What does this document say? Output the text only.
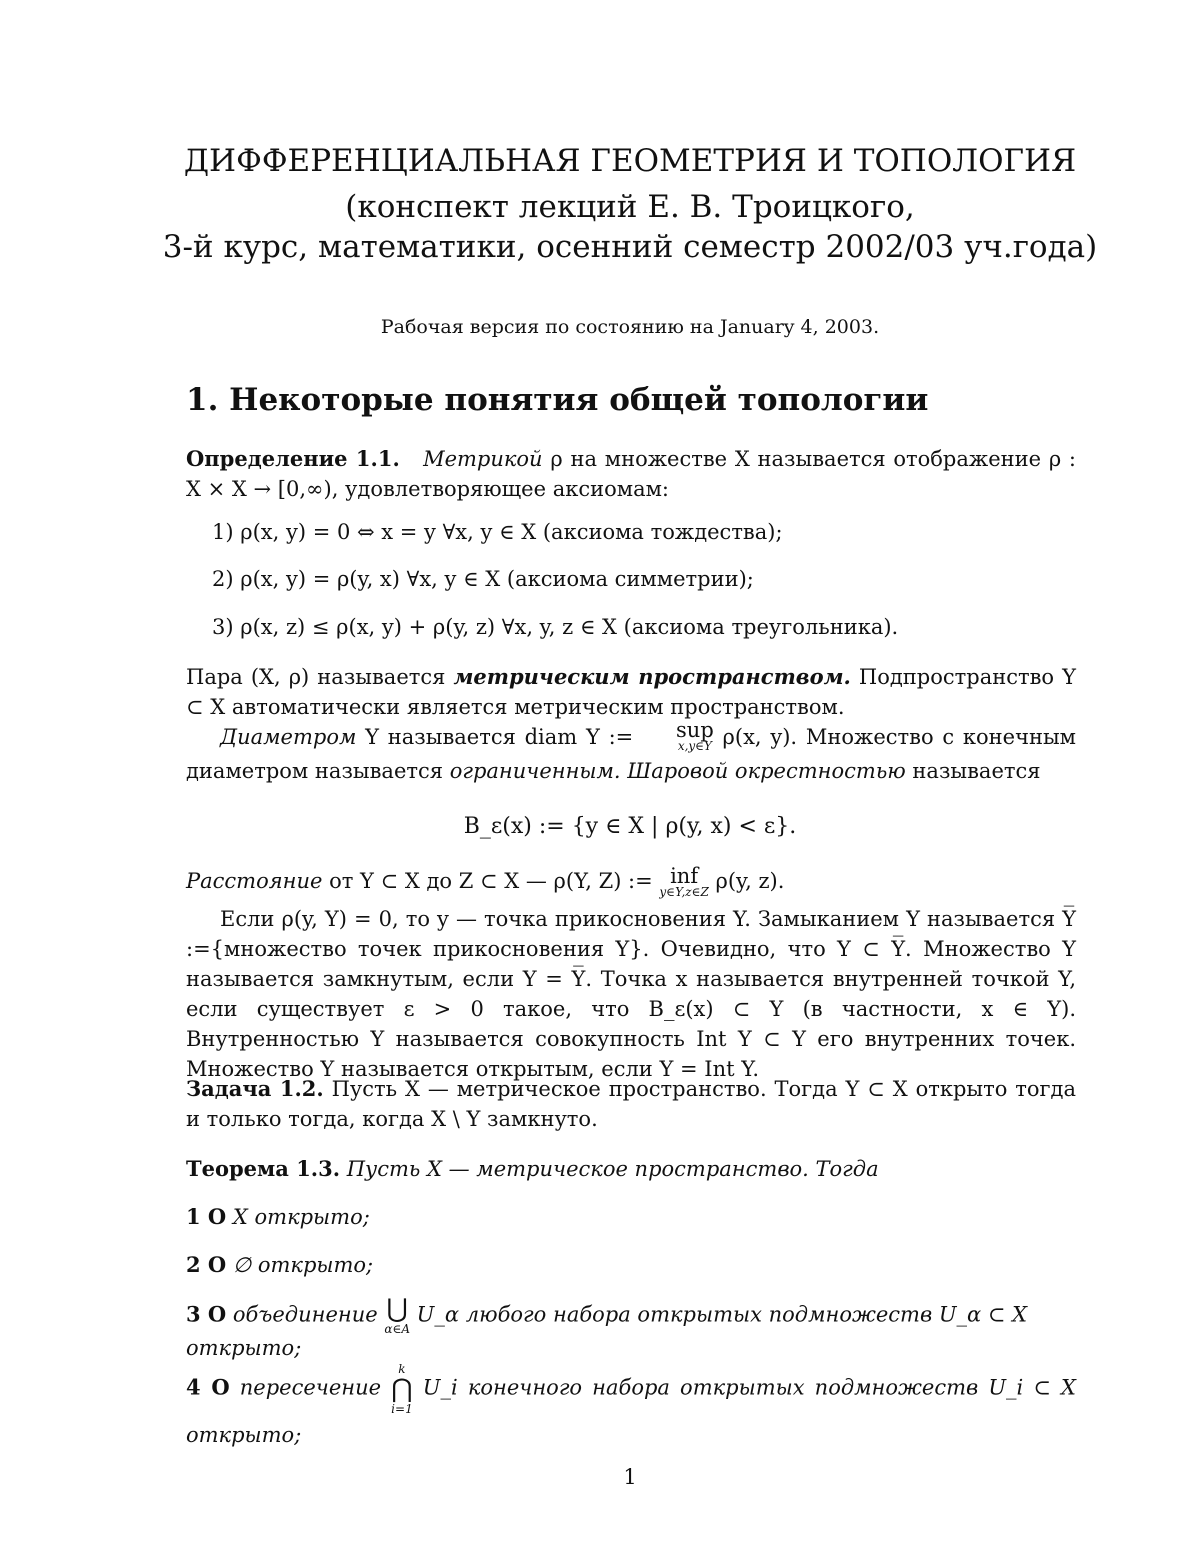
ДИФФЕРЕНЦИАЛЬНАЯ ГЕОМЕТРИЯ И ТОПОЛОГИЯ
(конспект лекций Е. В. Троицкого,
3-й курс, математики, осенний семестр 2002/03 уч.года)
Рабочая версия по состоянию на January 4, 2003.
1. Некоторые понятия общей топологии
Определение 1.1. Метрикой ρ на множестве X называется отображение ρ : X × X → [0,∞), удовлетворяющее аксиомам:
1) ρ(x, y) = 0 ⇔ x = y ∀x, y ∈ X (аксиома тождества);
2) ρ(x, y) = ρ(y, x) ∀x, y ∈ X (аксиома симметрии);
3) ρ(x, z) ≤ ρ(x, y) + ρ(y, z) ∀x, y, z ∈ X (аксиома треугольника).
Пара (X, ρ) называется метрическим пространством. Подпространство Y ⊂ X автоматически является метрическим пространством.
Диаметром Y называется diam Y := sup
x,y∈Y ρ(x, y). Множество с конечным диаметром называется ограниченным. Шаровой окрестностью называется
B_ε(x) := {y ∈ X | ρ(y, x) < ε}.
Расстояние от Y ⊂ X до Z ⊂ X — ρ(Y, Z) := inf
y∈Y,z∈Z ρ(y, z).
Если ρ(y, Y) = 0, то y — точка прикосновения Y. Замыканием Y называется Y̅ :={множество точек прикосновения Y}. Очевидно, что Y ⊂ Y̅. Множество Y называется замкнутым, если Y = Y̅. Точка x называется внутренней точкой Y, если существует ε > 0 такое, что B_ε(x) ⊂ Y (в частности, x ∈ Y). Внутренностью Y называется совокупность Int Y ⊂ Y его внутренних точек. Множество Y называется открытым, если Y = Int Y.
Задача 1.2. Пусть X — метрическое пространство. Тогда Y ⊂ X открыто тогда и только тогда, когда X \ Y замкнуто.
Теорема 1.3. Пусть X — метрическое пространство. Тогда
1 O X открыто;
2 O ∅ открыто;
3 O объединение ⋃
α∈A
U_α любого набора открытых подмножеств U_α ⊂ X открыто;
4 O пересечение
k
⋂
i=1
U_i конечного набора открытых подмножеств U_i ⊂ X открыто;
1
